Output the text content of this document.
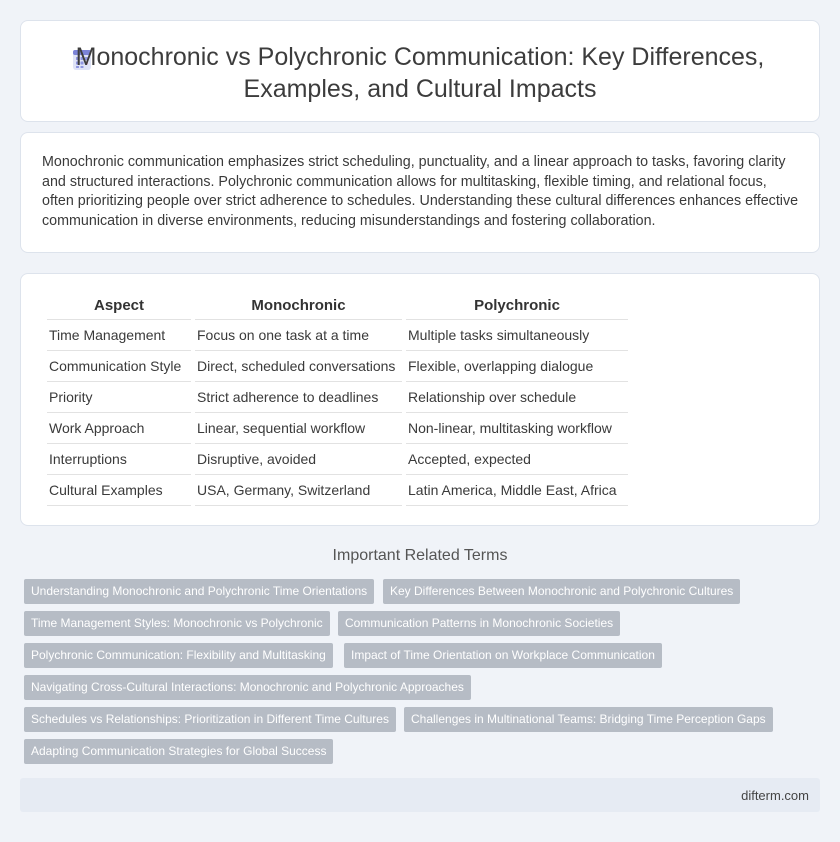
Monochronic vs Polychronic Communication: Key Differences,
Examples, and Cultural Impacts

Monochronic communication emphasizes strict scheduling, punctuality, and a linear approach to tasks, favoring clarity and structured interactions. Polychronic communication allows for multitasking, flexible timing, and relational focus, often prioritizing people over strict adherence to schedules. Understanding these cultural differences enhances effective communication in diverse environments, reducing misunderstandings and fostering collaboration.

Aspect	Monochronic	Polychronic
Time Management	Focus on one task at a time	Multiple tasks simultaneously
Communication Style	Direct, scheduled conversations	Flexible, overlapping dialogue
Priority	Strict adherence to deadlines	Relationship over schedule
Work Approach	Linear, sequential workflow	Non-linear, multitasking workflow
Interruptions	Disruptive, avoided	Accepted, expected
Cultural Examples	USA, Germany, Switzerland	Latin America, Middle East, Africa
Important Related Terms
Understanding Monochronic and Polychronic Time Orientations	Key Differences Between Monochronic and Polychronic Cultures
Time Management Styles: Monochronic vs Polychronic	Communication Patterns in Monochronic Societies
Polychronic Communication: Flexibility and Multitasking	Impact of Time Orientation on Workplace Communication
Navigating Cross-Cultural Interactions: Monochronic and Polychronic Approaches
Schedules vs Relationships: Prioritization in Different Time Cultures	Challenges in Multinational Teams: Bridging Time Perception Gaps
Adapting Communication Strategies for Global Success
difterm.com
